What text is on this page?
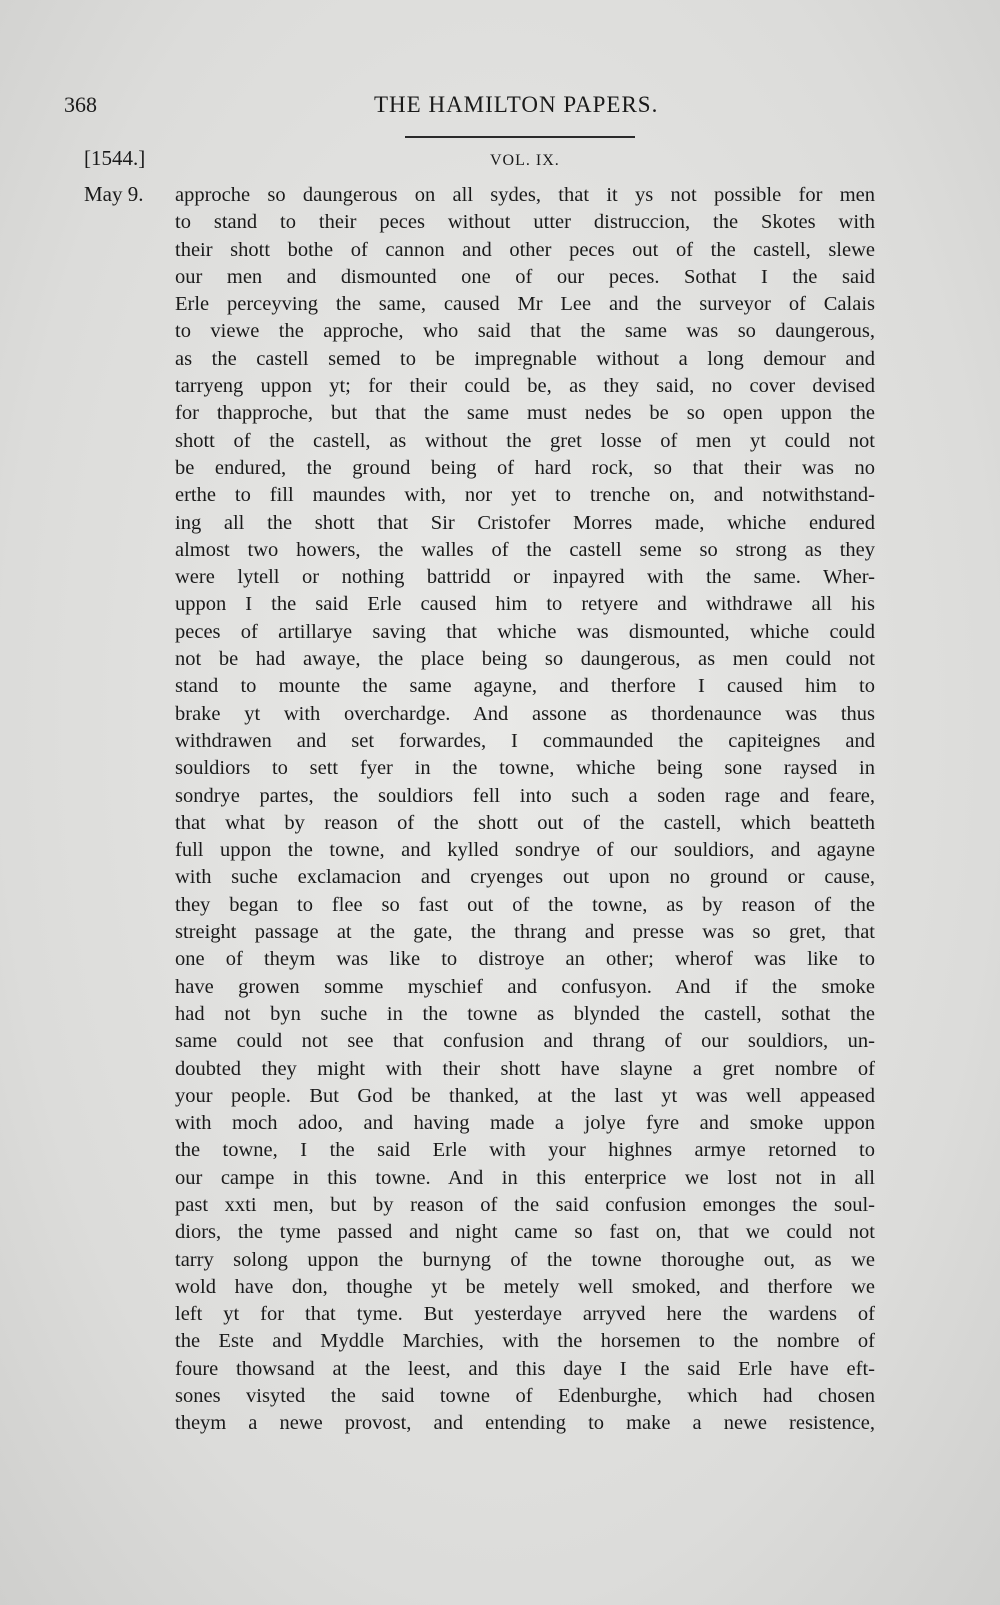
368	THE HAMILTON PAPERS.
[1544.]	VOL. IX.
May 9. approche so daungerous on all sydes, that it ys not possible for men
to stand to their peces without utter distruccion, the Skotes with
their shott bothe of cannon and other peces out of the castell, slewe
our men and dismounted one of our peces. Sothat I the said
Erle perceyving the same, caused Mr Lee and the surveyor of Calais
to viewe the approche, who said that the same was so daungerous,
as the castell semed to be impregnable without a long demour and
tarryeng uppon yt; for their could be, as they said, no cover devised
for thapproche, but that the same must nedes be so open uppon the
shott of the castell, as without the gret losse of men yt could not
be endured, the ground being of hard rock, so that their was no
erthe to fill maundes with, nor yet to trenche on, and notwithstand-
ing all the shott that Sir Cristofer Morres made, whiche endured
almost two howers, the walles of the castell seme so strong as they
were lytell or nothing battridd or inpayred with the same. Wher-
uppon I the said Erle caused him to retyere and withdrawe all his
peces of artillarye saving that whiche was dismounted, whiche could
not be had awaye, the place being so daungerous, as men could not
stand to mounte the same agayne, and therfore I caused him to
brake yt with overchardge. And assone as thordenaunce was thus
withdrawen and set forwardes, I commaunded the capiteignes and
souldiors to sett fyer in the towne, whiche being sone raysed in
sondrye partes, the souldiors fell into such a soden rage and feare,
that what by reason of the shott out of the castell, which beatteth
full uppon the towne, and kylled sondrye of our souldiors, and agayne
with suche exclamacion and cryenges out upon no ground or cause,
they began to flee so fast out of the towne, as by reason of the
streight passage at the gate, the thrang and presse was so gret, that
one of theym was like to distroye an other; wherof was like to
have growen somme myschief and confusyon. And if the smoke
had not byn suche in the towne as blynded the castell, sothat the
same could not see that confusion and thrang of our souldiors, un-
doubted they might with their shott have slayne a gret nombre of
your people. But God be thanked, at the last yt was well appeased
with moch adoo, and having made a jolye fyre and smoke uppon
the towne, I the said Erle with your highnes armye retorned to
our campe in this towne. And in this enterprice we lost not in all
past xxti men, but by reason of the said confusion emonges the soul-
diors, the tyme passed and night came so fast on, that we could not
tarry solong uppon the burnyng of the towne thoroughe out, as we
wold have don, thoughe yt be metely well smoked, and therfore we
left yt for that tyme. But yesterdaye arryved here the wardens of
the Este and Myddle Marchies, with the horsemen to the nombre of
foure thowsand at the leest, and this daye I the said Erle have eft-
sones visyted the said towne of Edenburghe, which had chosen
theym a newe provost, and entending to make a newe resistence,
